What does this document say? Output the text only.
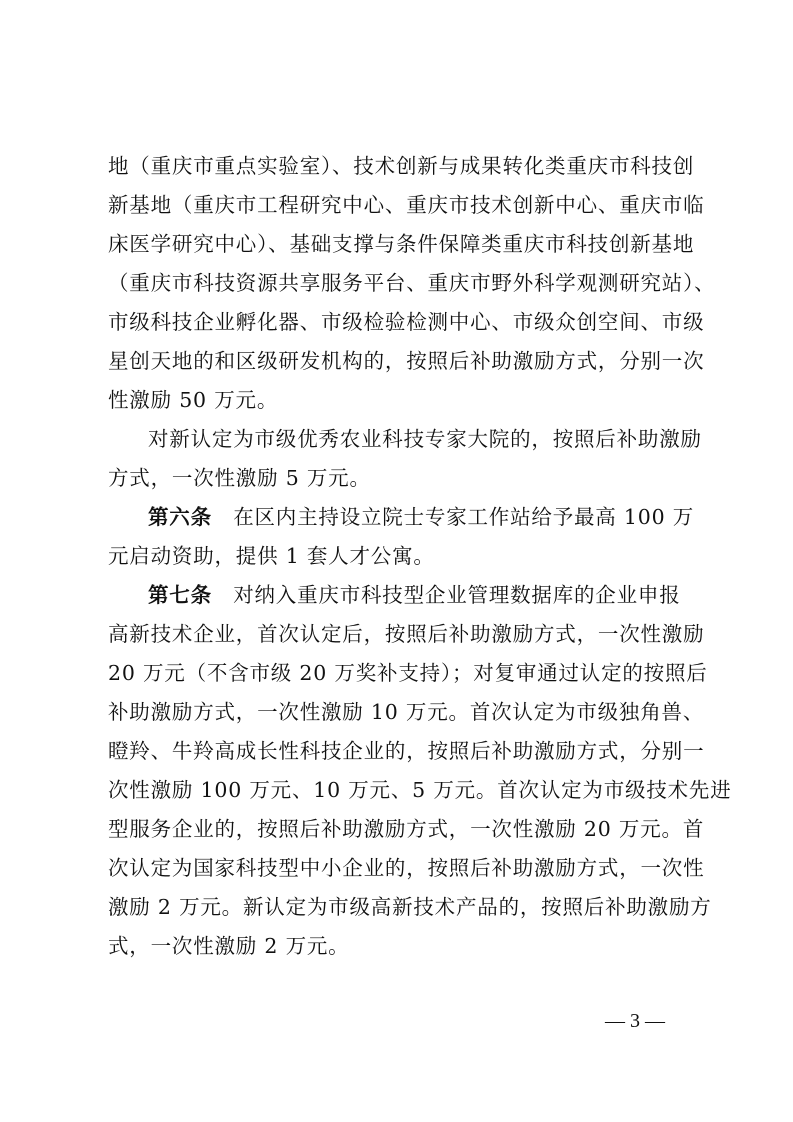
地（重庆市重点实验室）、技术创新与成果转化类重庆市科技创
新基地（重庆市工程研究中心、重庆市技术创新中心、重庆市临
床医学研究中心）、基础支撑与条件保障类重庆市科技创新基地
（重庆市科技资源共享服务平台、重庆市野外科学观测研究站）、
市级科技企业孵化器、市级检验检测中心、市级众创空间、市级
星创天地的和区级研发机构的，按照后补助激励方式，分别一次
性激励 50 万元。
对新认定为市级优秀农业科技专家大院的，按照后补助激励
方式，一次性激励 5 万元。
第六条　在区内主持设立院士专家工作站给予最高 100 万
元启动资助，提供 1 套人才公寓。
第七条　对纳入重庆市科技型企业管理数据库的企业申报
高新技术企业，首次认定后，按照后补助激励方式，一次性激励
20 万元（不含市级 20 万奖补支持）；对复审通过认定的按照后
补助激励方式，一次性激励 10 万元。首次认定为市级独角兽、
瞪羚、牛羚高成长性科技企业的，按照后补助激励方式，分别一
次性激励 100 万元、10 万元、5 万元。首次认定为市级技术先进
型服务企业的，按照后补助激励方式，一次性激励 20 万元。首
次认定为国家科技型中小企业的，按照后补助激励方式，一次性
激励 2 万元。新认定为市级高新技术产品的，按照后补助激励方
式，一次性激励 2 万元。
— 3 —
